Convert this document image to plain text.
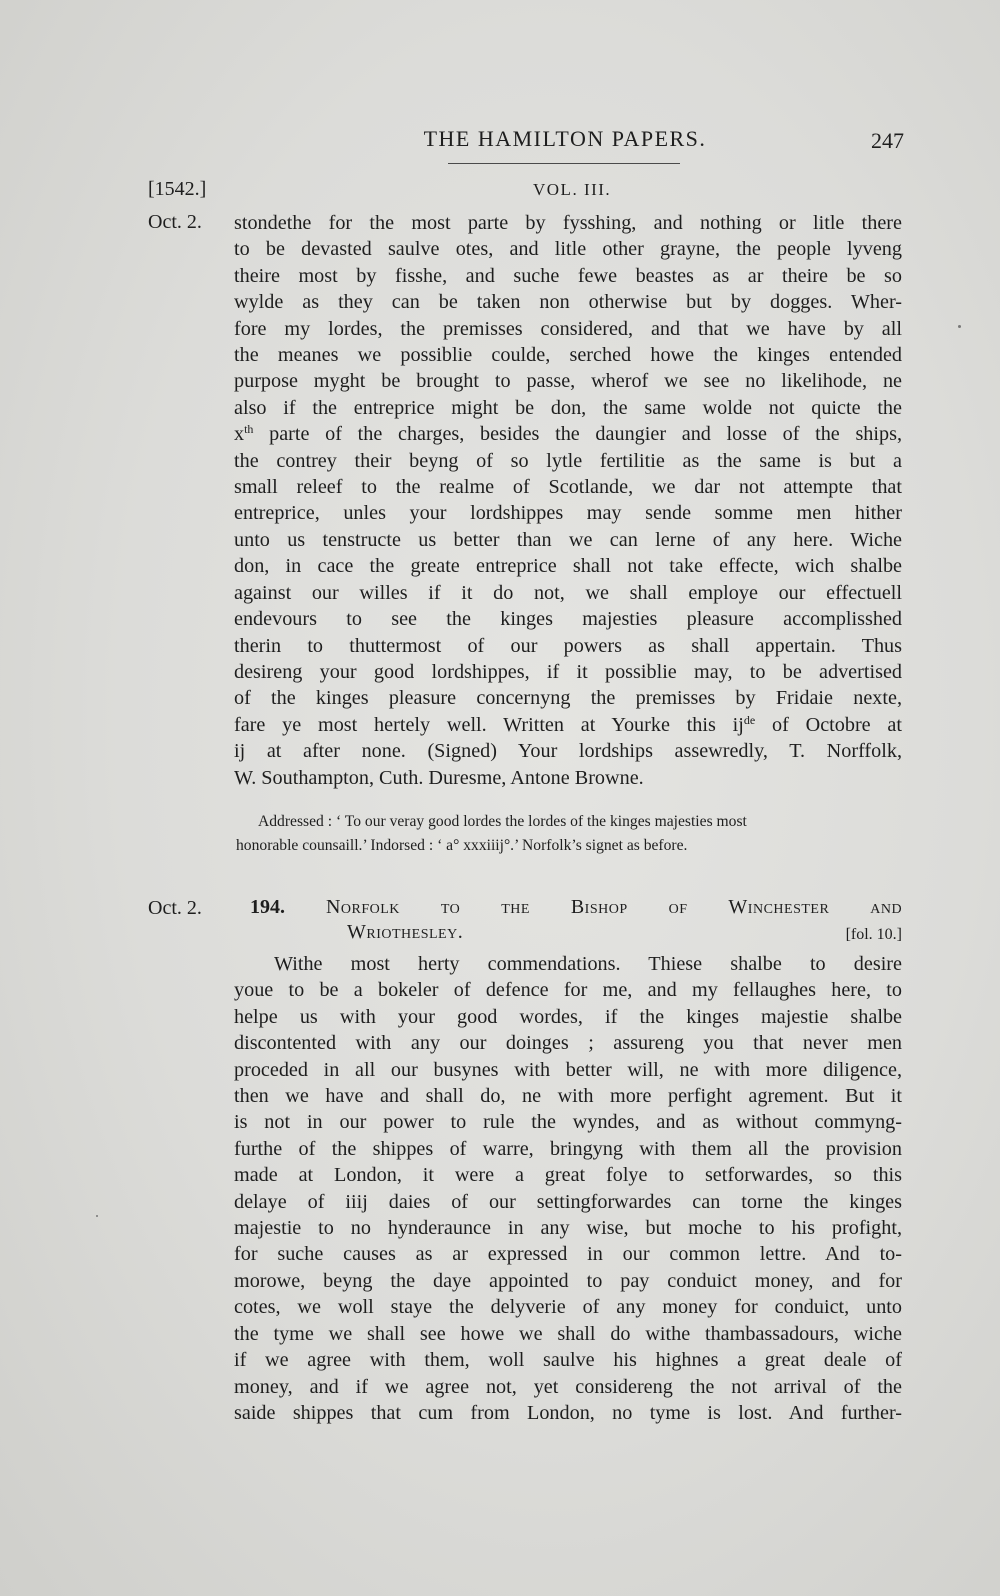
THE HAMILTON PAPERS.	247
[1542.]	VOL. III.
Oct. 2. stondethe for the most parte by fysshing, and nothing or litle there
to be devasted saulve otes, and litle other grayne, the people lyveng
theire most by fisshe, and suche fewe beastes as ar theire be so
wylde as they can be taken non otherwise but by dogges. Wher-
fore my lordes, the premisses considered, and that we have by all
the meanes we possiblie coulde, serched howe the kinges entended
purpose myght be brought to passe, wherof we see no likelihode, ne
also if the entreprice might be don, the same wolde not quicte the
$x^{th}$ parte of the charges, besides the daungier and losse of the ships,
the contrey their beyng of so lytle fertilitie as the same is but a
small releef to the realme of Scotlande, we dar not attempte that
entreprice, unles your lordshippes may sende somme men hither
unto us tenstructe us better than we can lerne of any here. Wiche
don, in cace the greate entreprice shall not take effecte, wich shalbe
against our willes if it do not, we shall employe our effectuell
endevours to see the kinges majesties pleasure accomplisshed
therin to thuttermost of our powers as shall appertain. Thus
desireng your good lordshippes, if it possiblie may, to be advertised
of the kinges pleasure concernyng the premisses by Fridaie nexte,
fare ye most hertely well. Written at Yourke this $ij^{de}$ of Octobre at
ij at after none. (Signed) Your lordships assewredly, T. Norffolk,
W. Southampton, Cuth. Duresme, Antone Browne.
Addressed : ‘ To our veray good lordes the lordes of the kinges majesties most
honorable counsaill.’ Indorsed : ‘ a° xxxiiij°.’ Norfolk’s signet as before.
Oct. 2. 194. Norfolk to the Bishop of Winchester and
Wriothesley.	[fol. 10.]
Withe most herty commendations. Thiese shalbe to desire
youe to be a bokeler of defence for me, and my fellaughes here, to
helpe us with your good wordes, if the kinges majestie shalbe
discontented with any our doinges ; assureng you that never men
proceded in all our busynes with better will, ne with more diligence,
then we have and shall do, ne with more perfight agrement. But it
is not in our power to rule the wyndes, and as without commyng-
furthe of the shippes of warre, bringyng with them all the provision
made at London, it were a great folye to setforwardes, so this
delaye of iiij daies of our settingforwardes can torne the kinges
majestie to no hynderaunce in any wise, but moche to his profight,
for suche causes as ar expressed in our common lettre. And to-
morowe, beyng the daye appointed to pay conduict money, and for
cotes, we woll staye the delyverie of any money for conduict, unto
the tyme we shall see howe we shall do withe thambassadours, wiche
if we agree with them, woll saulve his highnes a great deale of
money, and if we agree not, yet considereng the not arrival of the
saide shippes that cum from London, no tyme is lost. And further-
